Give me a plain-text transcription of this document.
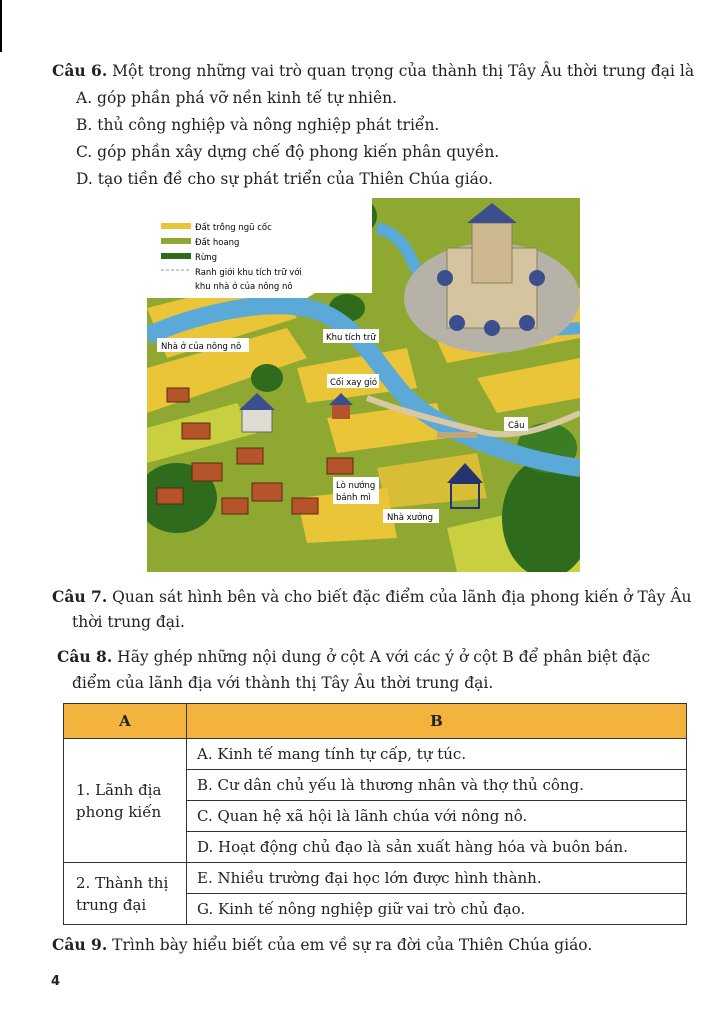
Câu 6. Một trong những vai trò quan trọng của thành thị Tây Âu thời trung đại là
A. góp phần phá vỡ nền kinh tế tự nhiên.
B. thủ công nghiệp và nông nghiệp phát triển.
C. góp phần xây dựng chế độ phong kiến phân quyền.
D. tạo tiền đề cho sự phát triển của Thiên Chúa giáo.
Đất trồng ngũ cốc
Đất hoang
Rừng
Ranh giới khu tích trữ với
khu nhà ở của nông nô
Nhà ở của nông nô
Khu tích trữ
Cối xay gió
Cầu
Lò nướng
bánh mì
Nhà xưởng
Câu 7. Quan sát hình bên và cho biết đặc điểm của lãnh địa phong kiến ở Tây Âu
thời trung đại.
Câu 8. Hãy ghép những nội dung ở cột A với các ý ở cột B để phân biệt đặc
điểm của lãnh địa với thành thị Tây Âu thời trung đại.
A	B
1. Lãnh địa
phong kiến	A. Kinh tế mang tính tự cấp, tự túc.
	B. Cư dân chủ yếu là thương nhân và thợ thủ công.
	C. Quan hệ xã hội là lãnh chúa với nông nô.
	D. Hoạt động chủ đạo là sản xuất hàng hóa và buôn bán.
2. Thành thị
trung đại	E. Nhiều trường đại học lớn được hình thành.
	G. Kinh tế nông nghiệp giữ vai trò chủ đạo.
Câu 9. Trình bày hiểu biết của em về sự ra đời của Thiên Chúa giáo.
4
